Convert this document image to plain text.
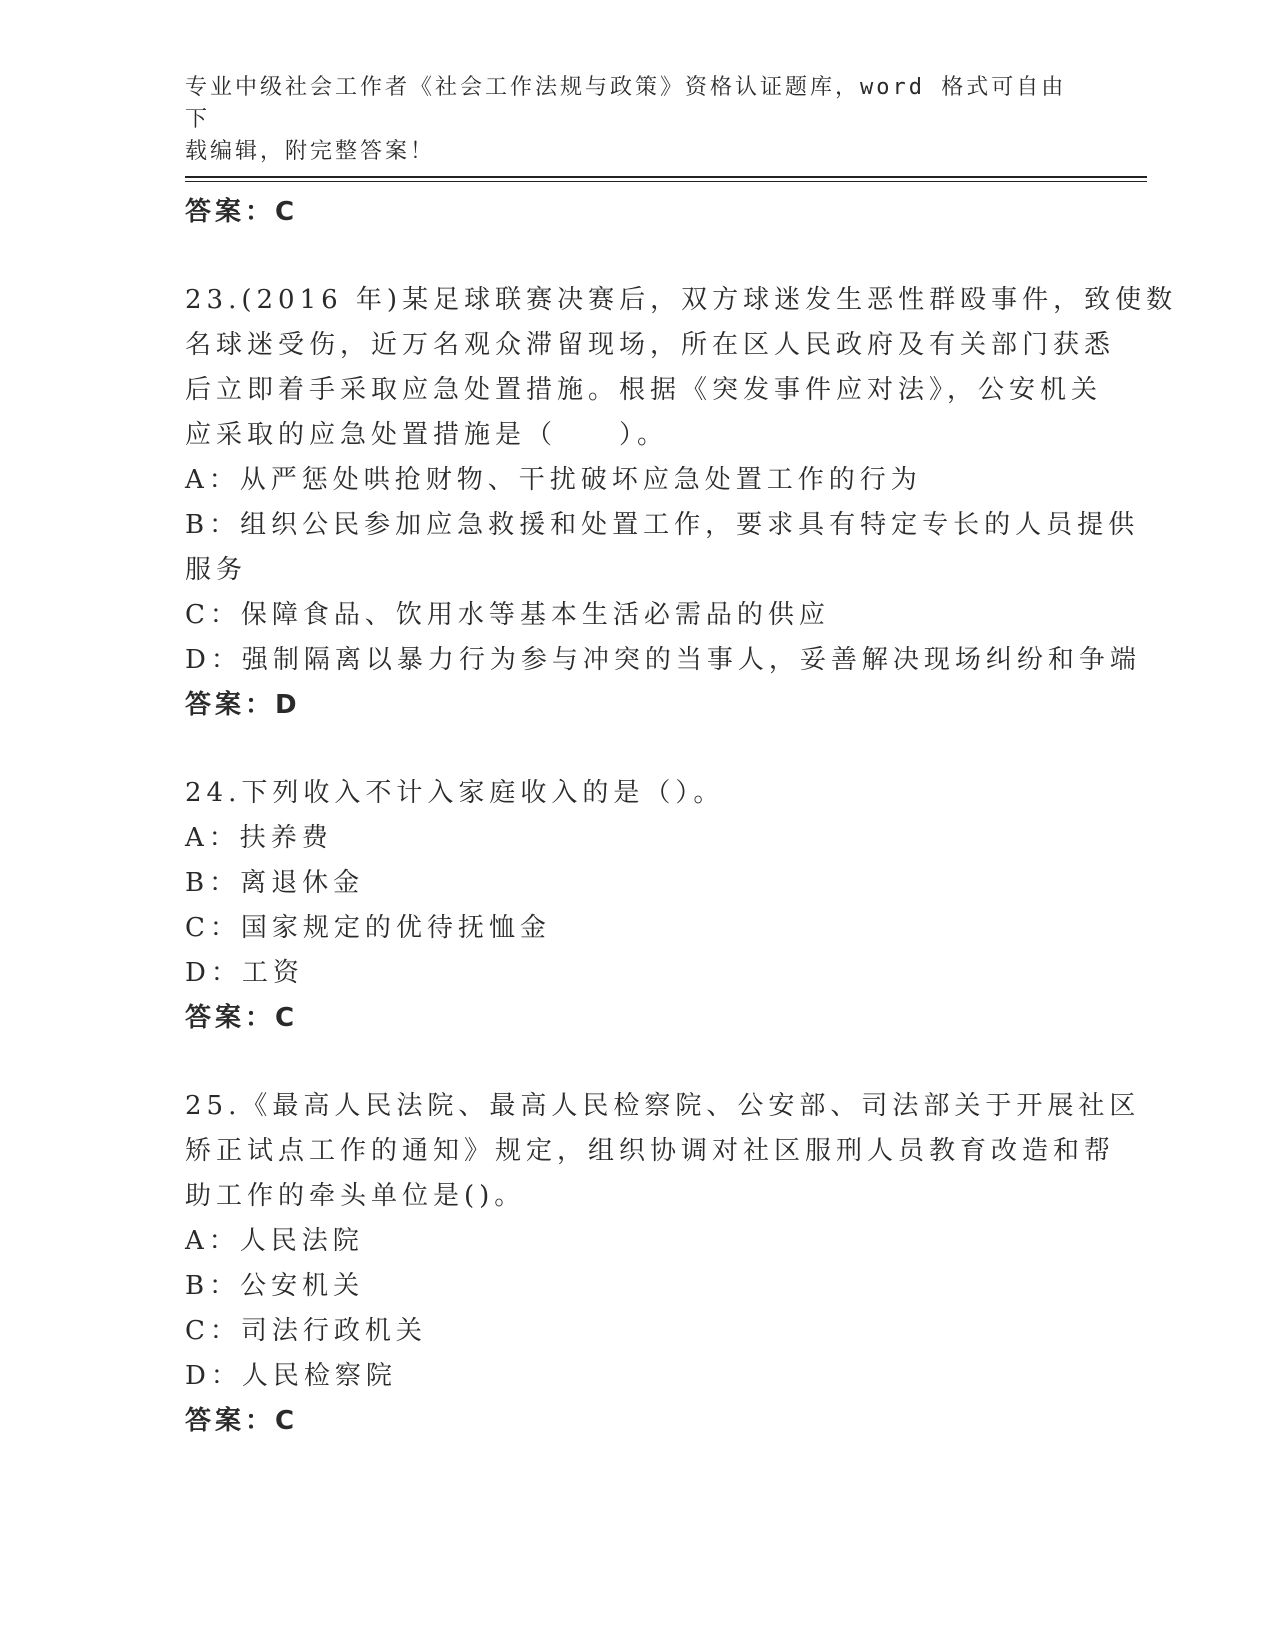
专业中级社会工作者《社会工作法规与政策》资格认证题库，word 格式可自由下
载编辑，附完整答案！
答案：C
23.(2016 年)某足球联赛决赛后，双方球迷发生恶性群殴事件，致使数
名球迷受伤，近万名观众滞留现场，所在区人民政府及有关部门获悉
后立即着手采取应急处置措施。根据《突发事件应对法》，公安机关
应采取的应急处置措施是（　　）。
A：从严惩处哄抢财物、干扰破坏应急处置工作的行为
B：组织公民参加应急救援和处置工作，要求具有特定专长的人员提供
服务
C：保障食品、饮用水等基本生活必需品的供应
D：强制隔离以暴力行为参与冲突的当事人，妥善解决现场纠纷和争端
答案：D
24.下列收入不计入家庭收入的是（）。
A：扶养费
B：离退休金
C：国家规定的优待抚恤金
D：工资
答案：C
25.《最高人民法院、最高人民检察院、公安部、司法部关于开展社区
矫正试点工作的通知》规定，组织协调对社区服刑人员教育改造和帮
助工作的牵头单位是()。
A：人民法院
B：公安机关
C：司法行政机关
D：人民检察院
答案：C
